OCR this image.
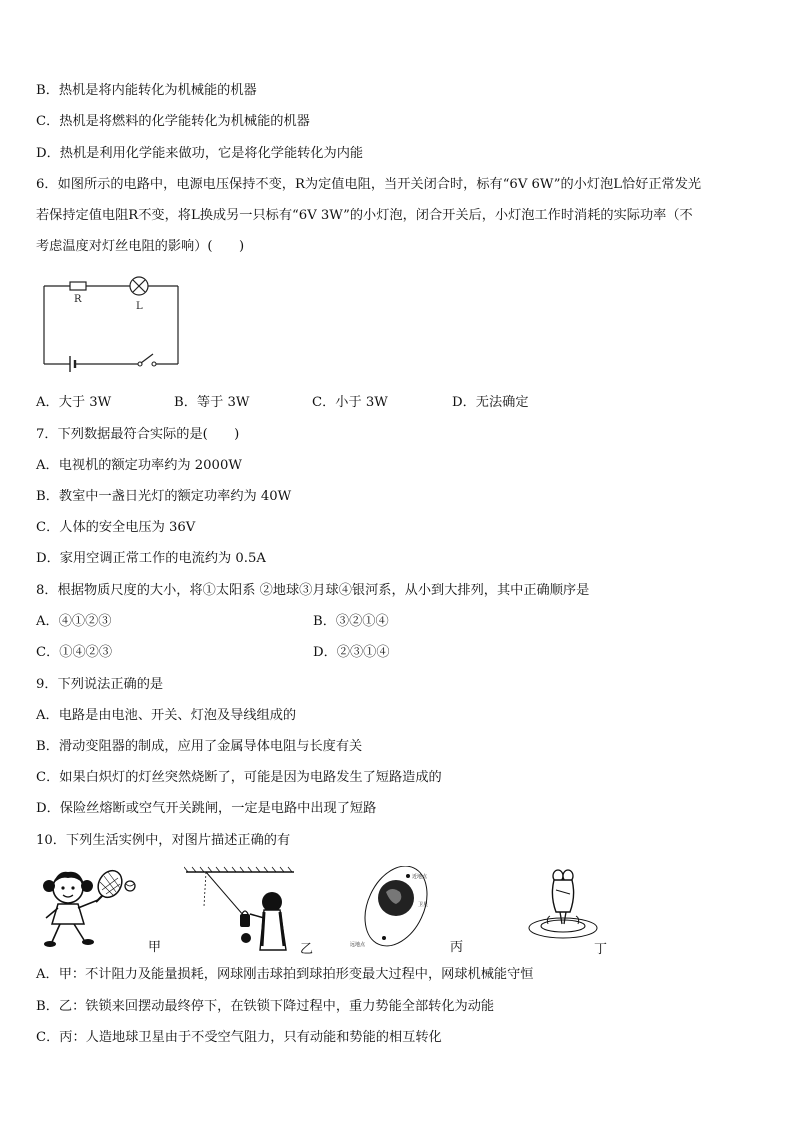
B．热机是将内能转化为机械能的机器
C．热机是将燃料的化学能转化为机械能的机器
D．热机是利用化学能来做功，它是将化学能转化为内能
6．如图所示的电路中，电源电压保持不变，R为定值电阻，当开关闭合时，标有“6V 6W”的小灯泡L恰好正常发光
若保持定值电阻R不变，将L换成另一只标有“6V 3W”的小灯泡，闭合开关后，小灯泡工作时消耗的实际功率（不
考虑温度对灯丝电阻的影响）(　　)
R
L
A．大于 3W	B．等于 3W	C．小于 3W	D．无法确定
7．下列数据最符合实际的是(　　)
A．电视机的额定功率约为 2000W
B．教室中一盏日光灯的额定功率约为 40W
C．人体的安全电压为 36V
D．家用空调正常工作的电流约为 0.5A
8．根据物质尺度的大小，将①太阳系 ②地球③月球④银河系，从小到大排列，其中正确顺序是
A．④①②③	B．③②①④
C．①④②③	D．②③①④
9．下列说法正确的是
A．电路是由电池、开关、灯泡及导线组成的
B．滑动变阻器的制成，应用了金属导体电阻与长度有关
C．如果白炽灯的灯丝突然烧断了，可能是因为电路发生了短路造成的
D．保险丝熔断或空气开关跳闸，一定是电路中出现了短路
10．下列生活实例中，对图片描述正确的有
甲	乙
近地点
卫星
远地点	丙	丁
A．甲：不计阻力及能量损耗，网球刚击球拍到球拍形变最大过程中，网球机械能守恒
B．乙：铁锁来回摆动最终停下，在铁锁下降过程中，重力势能全部转化为动能
C．丙：人造地球卫星由于不受空气阻力，只有动能和势能的相互转化
